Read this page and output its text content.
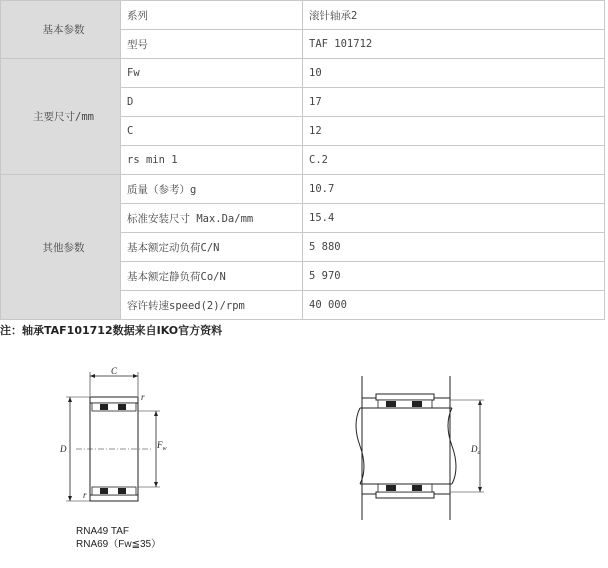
基本参数	系列	滚针轴承2
	型号	TAF 101712
主要尺寸/mm	Fw	10
	D	17
	C	12
	rs min 1	C.2
其他参数	质量（参考）g	10.7
	标准安装尺寸 Max.Da/mm	15.4
	基本额定动负荷C/N	5 880
	基本额定静负荷Co/N	5 970
	容许转速speed(2)/rpm	40 000
注：轴承TAF101712数据来自IKO官方资料
C
D	$F_w$
r
r
RNA49 TAF
RNA69（Fw≦35）
$D_a$
